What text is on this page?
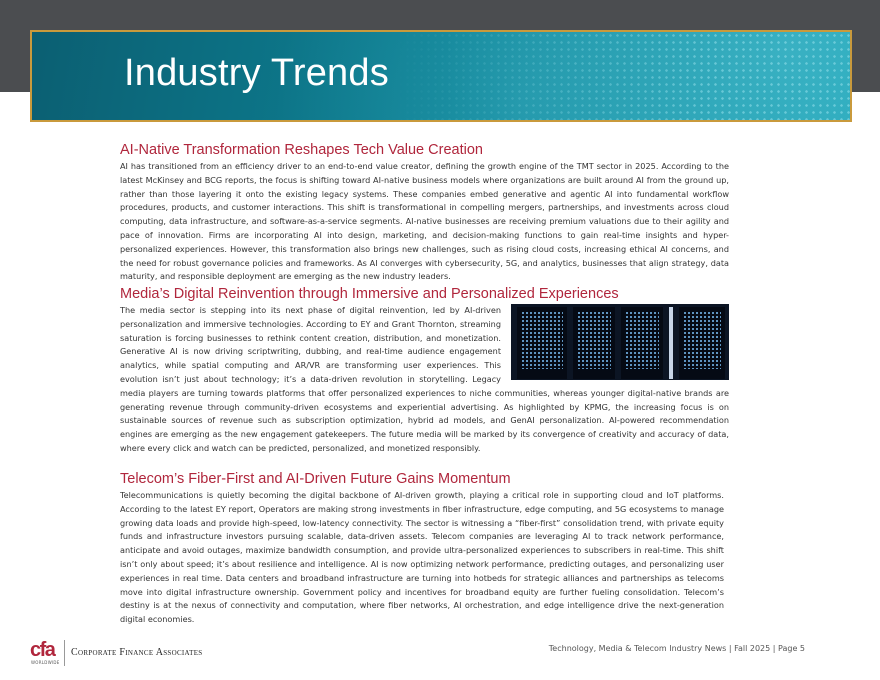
Industry Trends
AI-Native Transformation Reshapes Tech Value Creation

AI has transitioned from an efficiency driver to an end-to-end value creator, defining the growth engine of the TMT sector in 2025. According to the latest McKinsey and BCG reports, the focus is shifting toward AI-native business models where organizations are built around AI from the ground up, rather than those layering it onto the existing legacy systems. These companies embed generative and agentic AI into fundamental workflow procedures, products, and customer interactions. This shift is transformational in compelling mergers, partnerships, and investments across cloud computing, data infrastructure, and software-as-a-service segments. AI-native businesses are receiving premium valuations due to their agility and pace of innovation. Firms are incorporating AI into design, marketing, and decision-making functions to gain real-time insights and hyper-personalized experiences. However, this transformation also brings new challenges, such as rising cloud costs, increasing ethical AI concerns, and the need for robust governance policies and frameworks. As AI converges with cybersecurity, 5G, and analytics, businesses that align strategy, data maturity, and responsible deployment are emerging as the new industry leaders.

Media’s Digital Reinvention through Immersive and Personalized Experiences

The media sector is stepping into its next phase of digital reinvention, led by AI-driven personalization and immersive technologies. According to EY and Grant Thornton, streaming saturation is forcing businesses to rethink content creation, distribution, and monetization. Generative AI is now driving scriptwriting, dubbing, and real-time audience engagement analytics, while spatial computing and AR/VR are transforming user experiences. This evolution isn’t just about technology; it’s a data-driven revolution in storytelling. Legacy media players are turning towards platforms that offer personalized experiences to niche communities, whereas younger digital-native brands are generating revenue through community-driven ecosystems and experiential advertising. As highlighted by KPMG, the increasing focus is on sustainable sources of revenue such as subscription optimization, hybrid ad models, and GenAI personalization. AI-powered recommendation engines are emerging as the new engagement gatekeepers. The future media will be marked by its convergence of creativity and accuracy of data, where every click and watch can be predicted, personalized, and monetized responsibly.

Telecom’s Fiber-First and AI-Driven Future Gains Momentum

Telecommunications is quietly becoming the digital backbone of AI-driven growth, playing a critical role in supporting cloud and IoT platforms. According to the latest EY report, Operators are making strong investments in fiber infrastructure, edge computing, and 5G ecosystems to manage growing data loads and provide high-speed, low-latency connectivity. The sector is witnessing a “fiber-first” consolidation trend, with private equity funds and infrastructure investors pursuing scalable, data-driven assets. Telecom companies are leveraging AI to track network performance, anticipate and avoid outages, maximize bandwidth consumption, and provide ultra-personalized experiences to subscribers in real-time. This shift isn’t only about speed; it’s about resilience and intelligence. AI is now optimizing network performance, predicting outages, and personalizing user experiences in real time. Data centers and broadband infrastructure are turning into hotbeds for strategic alliances and partnerships as telecoms move into digital infrastructure ownership. Government policy and incentives for broadband equity are further fueling consolidation. Telecom’s destiny is at the nexus of connectivity and computation, where fiber networks, AI orchestration, and edge intelligence drive the next-generation digital economies.

cfa
WORLDWIDE
Corporate Finance Associates	Technology, Media & Telecom Industry News | Fall 2025 | Page 5
